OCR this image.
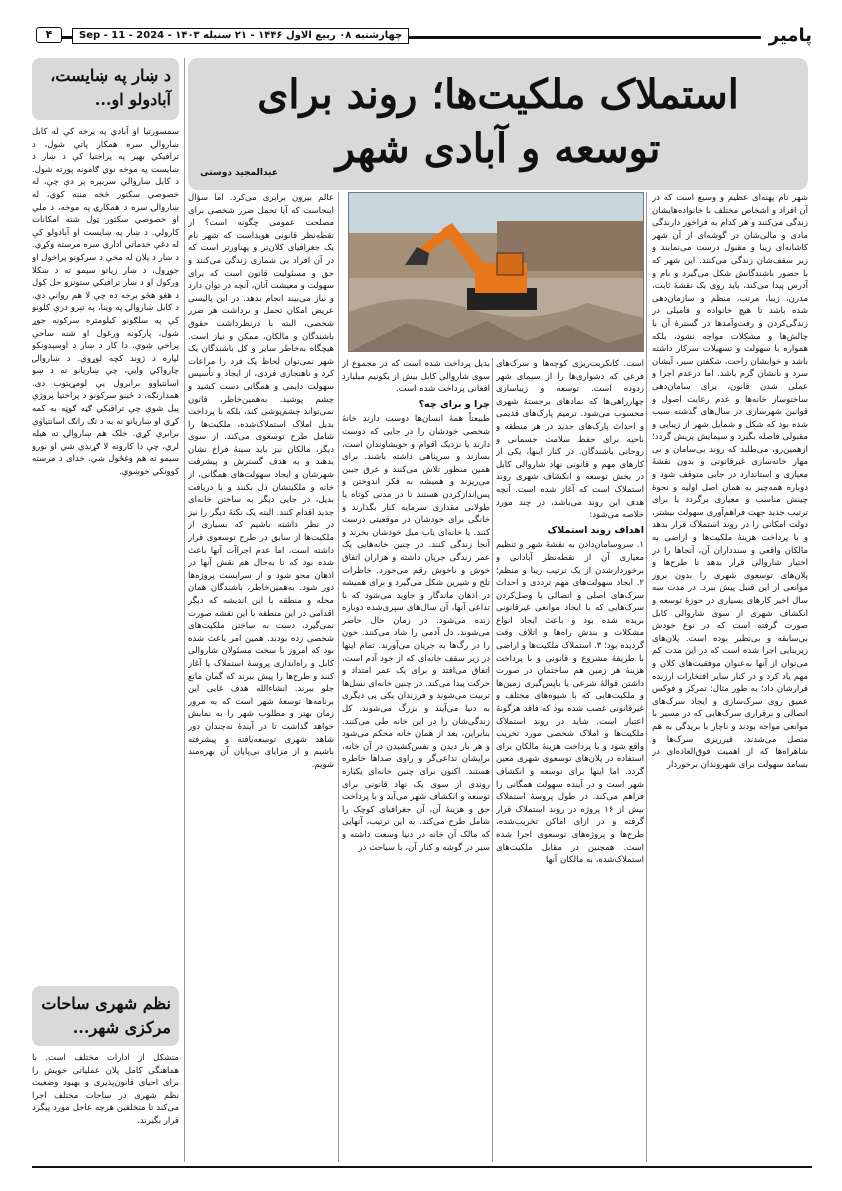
پامیر
چهارشنبه ۰۸ ربیع الاول ۱۴۴۶ - ۲۱ سنبله ۱۴۰۳ - Sep - 11 - 2024
۴
د ښار په ښایست، آبادولو او...
سمسورتیا او آبادي په برخه کې له کابل ښاروالۍ سره همکار پاتې شول، د ترافیکي بهیر په پراختیا کې د ښار د ښایست په موخه نوي ګامونه پورته شول. د کابل ښاروالي سربېره پر دې چې، له خصوصي سکتور څخه مننه کوي، له ښاروالۍ سره د همکارۍ په موخه، د ملي او خصوصي سکتور ټول شته امکانات کارولي. د ښار په ښایست او آبادولو کې له دغې خدماتي اداري سره مرسته وکړي. د ښار د پلان له مخې د سرکونو پراخول او جوړول، د ښار زیاتو سیمو ته د ښکلا ورکول او د ښار ترافیکي ستونزو حل کول د هغو هڅو برخه ده چې لا هم روانې دي. د کابل ښاروالۍ په وینا، په تېرو درې کلونو کې په سلګونو کیلومتره سرکونه جوړ شول، پارکونه ورغول او شنه ساحې پراخې شوې. دا کار د ښار د اوسېدونکو لپاره د ژوند کچه لوړوي. د ښاروالۍ چارواکي وايي، چې ښاریانو ته د ښو اسانتیاوو برابرول یې لومړیتوب دی. همدارنګه، د ځینو سرکونو د پراختیا پروژې پیل شوې چې ترافیکي ګڼه ګوڼه به کمه کړي او ښاریانو ته به د تګ راتګ اسانتیاوې برابرې کړي. خلک هم ښاروالۍ ته هیله لري، چې دا کارونه لا ګړندي شي او نورو سیمو ته هم وغځول شي. خدای د مرسته کوونکي خوښوي.
نظم شهری ساحات مرکزی شهر...
متشکل از ادارات مختلف است. با هماهنگی کامل پلان عملیاتی خویش را برای احیای قانون‌پذیری و بهبود وضعیت نظم شهری در ساحات مختلف اجرا می‌کند تا متخلفین هرچه عاجل مورد پیگرد قرار بگیرند.
استملاک ملکیت‌ها؛ روند برای توسعه و آبادی شهر
عبدالمجید دوستی
شهر نام پهنه‌ای عظیم و وسیع است که در آن افراد و اشخاص مختلف با خانواده‌هایشان زندگی می‌کنند و هر کدام به فراخور دارندگی مادی و مالی‌شان در گوشه‌ای از آن شهر کاشانه‌ای زیبا و مقبول درست می‌نمایند و زیر سقف‌شان زندگی می‌کنند. این شهر که با حضور باشندگانش شکل می‌گیرد و نام و آدرس پیدا می‌کند، باید روی یک نقشهٔ ثابت، مدرن، زیبا، مرتب، منظم و سازمان‌دهی شده باشد تا هیچ خانواده و فامیلی در زندگی‌کردن و رفت‌وآمدها در گسترهٔ آن با چالش‌ها و مشکلات مواجه نشود، بلکه همواره با سهولت و تسهیلات سرکار داشته باشد و خوابشان راحت، شکفتن سیر، آبشان سرد و نانشان گرم باشد. اما درعدم اجرا و عملی شدن قانون، برای سامان‌دهی ساختوساز خانه‌ها و عدم رعایت اصول و قوانین شهرسازی در سال‌های گذشته سبب شده بود که شکل و شمایل شهر از زیبایی و مقبولی فاصله بگیرد و سیمایش پریش گردد؛ ازهمین‌رو، می‌طلبد که روند بی‌سامان و بی مهار خانه‌سازی غیرقانونی و بدون نقشهٔ معیاری و استاندارد در جایی متوقف شود و دوباره همه‌چیز به همان اصل اولیه و نحوهٔ چینش مناسب و معیاری برگردد یا برای ترتیب جدید جهت فراهم‌آوری سهولت بیشتر، دولت امکانی را در روند استملاک قرار بدهد و با پرداخت هزینهٔ ملکیت‌ها و اراضی به مالکان واقعی و سندداران آن، آنجاها را در اختیار شاروالی قرار بدهد تا طرح‌ها و پلان‌های توسعوی شهری را بدون بروز موانعی از این قبیل پیش ببرد. در مدت سه سال اخیر کارهای بسیاری در حوزهٔ توسعه و انکشاف شهری از سوی شاروالی کابل صورت گرفته است که در نوع خودش بی‌سابقه و بی‌نظیر بوده است. پلان‌های زیربنایی اجرا شده است که در این مدت کم می‌توان از آنها به‌عنوان موفقیت‌های کلان و مهم یاد کرد و در کنار سایر افتخارات ارزنده قرارشان داد؛ به طور مثال: تمرکز و فوکس عمیق روی سرک‌سازی و ایجاد سرک‌های اتصالی و برقراری سرک‌هایی که در مسیر با موانعی مواجه بودند و ناچار با بریدگی به هم متصل می‌شدند، قیرریزی سرک‌ها و شاهراه‌ها که از اهمیت فوق‌العاده‌ای در بسامد سهولت برای شهروندان برخوردار

است. کانکریت‌ریزی کوچه‌ها و سرک‌های فرعی که دشواری‌ها را از سیمای شهر زدوده است. توسعه و زیباسازی چهارراهی‌ها که نمادهای برجستهٔ شهری محسوب می‌شود. ترمیم پارک‌های قدیمی و احداث پارک‌های جدید در هر منطقه و ناحیه برای حفظ سلامت جسمانی و روحانی باشندگان. در کنار اینها، یکی از کارهای مهم و قانونی نهاد شاروالی کابل در بخش توسعه و انکشاف شهری روند استملاک است که آغاز شده است. آنچه هدف این روند می‌باشد، در چند مورد خلاصه می‌شود:

اهداف روند استملاک

۱. سروسامان‌دادن به نقشهٔ شهر و تنظیم معیاری آن از نقطه‌نظر آبادانی و برخوردارشدن از یک ترتیب زیبا و منظم؛ ۲. ایجاد سهولت‌های مهم ترددی و احداث سرک‌های اصلی و اتصالی یا وصل‌کردن سرک‌هایی که با ایجاد موانعی غیرقانونی بریده شده بود و باعث ایجاد انواع مشکلات و بندش راه‌ها و اتلاف وقت گردیده بود؛ ۳. استملاک ملکیت‌ها و اراضی با طریقهٔ مشروع و قانونی و با پرداخت هزینهٔ هر زمین هم ساختمان در صورت داشتن قوالهٔ شرعی یا باپس‌گیری زمین‌ها و ملکیت‌هایی که با شیوه‌های مختلف و غیرقانونی غصب شده بود که فاقد هرگونهٔ اعتبار است. شاید در روند استملاک ملکیت‌ها و املاک شخصی مورد تخریب واقع شود و با پرداخت هزینهٔ مالکان برای استفاده در پلان‌های توسعوی شهری معین گردد. اما اینها برای توسعه و انکشاف شهر است و در آینده سهولت همگانی را فراهم می‌کند. در طول پروسهٔ استملاک بیش از ۱۶ پروژه در روند استملاک قرار گرفته و در ازای اماکن تخریب‌شده، طرح‌ها و پروژه‌های توسعوی اجرا شده است. همچنین در مقابل ملکیت‌های استملاک‌شده، به مالکان آنها

بدیل پرداخت شده است که در مجموع از سوی شاروالی کابل بیش از یکونیم میلیارد افغانی پرداخت شده است.

چرا و برای چه؟

طبیعتاً همهٔ انسان‌ها دوست دارند خانهٔ شخصی خودشان را در جایی که دوست دارند یا نزدیک اقوام و خویشاوندان است، بسازند و سرپناهی داشته باشند. برای همین منظور تلاش می‌کنند و عرق جبین می‌ریزند و همیشه به فکر اندوختن و پس‌اندازکردن هستند تا در مدتی کوتاه یا طولانی مقداری سرمایه کنار بگذارند و خانگی برای خودشان در موقعیتی درست کنند. یا خانه‌ای یاب میل خودشان بخرند و آنجا زندگی کنند. در چنین خانه‌هایی یک عمر زندگی جریان داشته و هزاران اتفاق خوش و ناخوش رقم می‌خورد. خاطرات تلخ و شیرین شکل می‌گیرد و برای همیشه در اذهان ماندگار و جاوید می‌شود که با تداعی آنها، آن سال‌های سپری‌شده دوباره زنده می‌شود. در زمان حال حاضر می‌شوند. دل آدمی را شاد می‌کنند. خون را در رگ‌ها به جریان می‌آورند. تمام اینها در زیر سقف خانه‌ای که از خود آدم است، اتفاق می‌افتد و برای یک عمر امتداد و حرکت پیدا می‌کند. در چنین خانه‌ای نسل‌ها تربیت می‌شوند و فرزندان یکی پی دیگری به دنیا می‌آیند و بزرگ می‌شوند. کل زندگی‌شان را در این خانه طی می‌کنند. بنابراین، بعد از همان خانه محکم می‌شود و هر بار دیدن و نفس‌کشیدن در آن خانه، برایشان تداعی‌گر و راوی صداها خاطره هستند. اکنون برای چنین خانه‌ای یکباره روندی از سوی یک نهاد قانونی برای توسعه و انکشاف شهر می‌آید و با پرداخت حق و هزینهٔ آن، آن جغرافیای کوچک را شامل طرح می‌کند. به این ترتیب، آنهایی که مالک آن خانه در دنیا وسعت داشته و سیر در گوشه و کنار آن، با سیاحت در

عالم بیرون برابری می‌کرد. اما سؤال اینجاست که آیا تحمل ضرر شخصی برای مصلحت عمومی چگونه است؟ از نقطه‌نظر قانونی هویداست که شهر نام یک جغرافیای کلان‌تر و پهناورتر است که در آن افراد بی شماری زندگی می‌کنند و حق و مسئولیت قانون است که برای سهولت و معیشت آنان، آنچه در توان دارد و نیاز می‌بیند انجام بدهد. در این پالیسی عریض امکان تحمل و برداشت هر ضرر شخصی، البته با درنظرداشت حقوق باشندگان و مالکان، ممکن و نیاز است. هیچگاه به‌خاطر سایر و کل باشندگان یک شهر نمی‌توان لحاظ یک فرد را مراعات کرد و ناهنجاری فردی، از ایجاد و تأسیس سهولت دایمی و همگانی دست کشید و چشم پوشید. به‌همین‌خاطر، قانون نمی‌تواند چشم‌پوشی کند، بلکه با پرداخت بدیل املاک استملاک‌شده، ملکیت‌ها را شامل طرح توسعوی می‌کند. از سوی دیگر، مالکان نیز باید سینهٔ فراخ نشان بدهند و به هدف گسترش و پیشرفت شهرشان و ایجاد سهولت‌های همگانی، از خانه و ملکیتشان دل بکنند و با دریافت بدیل، در جایی دیگر به ساختن خانه‌ای جدید اقدام کنند. البته یک نکتهٔ دیگر را نیز در نظر داشته باشیم که بسیاری از ملکیت‌ها از سابق در طرح توسعوی قرار داشته است، اما عدم اجراآت آنها باعث شده بود که تا به‌حال هم نقش آنها در اذهان محو شود و از سرایست پروژه‌ها دور شود. به‌همین‌خاطر، باشندگان همان محله و منطقه با این اندیشه که دیگر اقدامی در این منطقه با این نقشه صورت نمی‌گیرد، دست به ساختن ملکیت‌های شخصی زده بودند. همین امر باعث شده بود که امروز با سخت مسئولان شاروالی کابل و راه‌اندازی پروسهٔ استملاک یا آغاز کنند و طرح‌ها را پیش ببرند که گمان مانع جلو ببرند. انشاءالله هدف غایی این برنامه‌ها توسعهٔ شهر است که به مرور زمان بهتر و مطلوب شهر را به نمایش خواهد گذاشت تا در آیندهٔ نه‌چندان دور شاهد شهری توسعه‌یافته و پیشرفته باشیم و از مزایای بی‌پایان آن بهره‌مند شویم.
